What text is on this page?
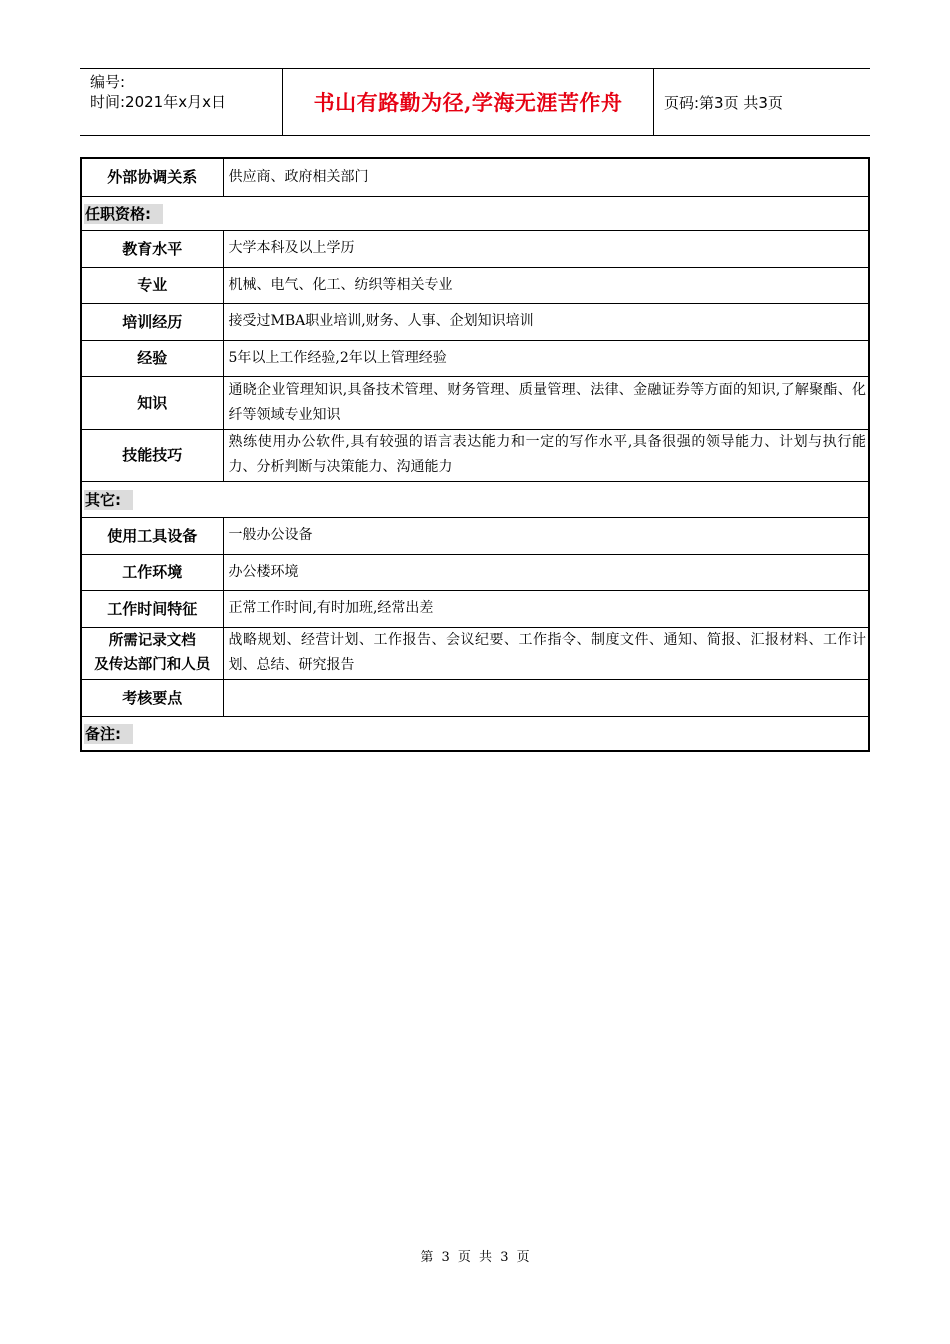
编号:
时间:2021年x月x日	书山有路勤为径,学海无涯苦作舟	页码:第3页 共3页
外部协调关系	供应商、政府相关部门
任职资格:	
教育水平	大学本科及以上学历
专业	机械、电气、化工、纺织等相关专业
培训经历	接受过MBA职业培训,财务、人事、企划知识培训
经验	5年以上工作经验,2年以上管理经验
知识	通晓企业管理知识,具备技术管理、财务管理、质量管理、法律、金融证券等方面的知识,了解聚酯、化纤等领域专业知识
技能技巧	熟练使用办公软件,具有较强的语言表达能力和一定的写作水平,具备很强的领导能力、计划与执行能力、分析判断与决策能力、沟通能力
其它:	
使用工具设备	一般办公设备
工作环境	办公楼环境
工作时间特征	正常工作时间,有时加班,经常出差

所需记录文档
及传达部门和人员	战略规划、经营计划、工作报告、会议纪要、工作指令、制度文件、通知、简报、汇报材料、工作计划、总结、研究报告
考核要点	
备注:	
第 3 页 共 3 页
